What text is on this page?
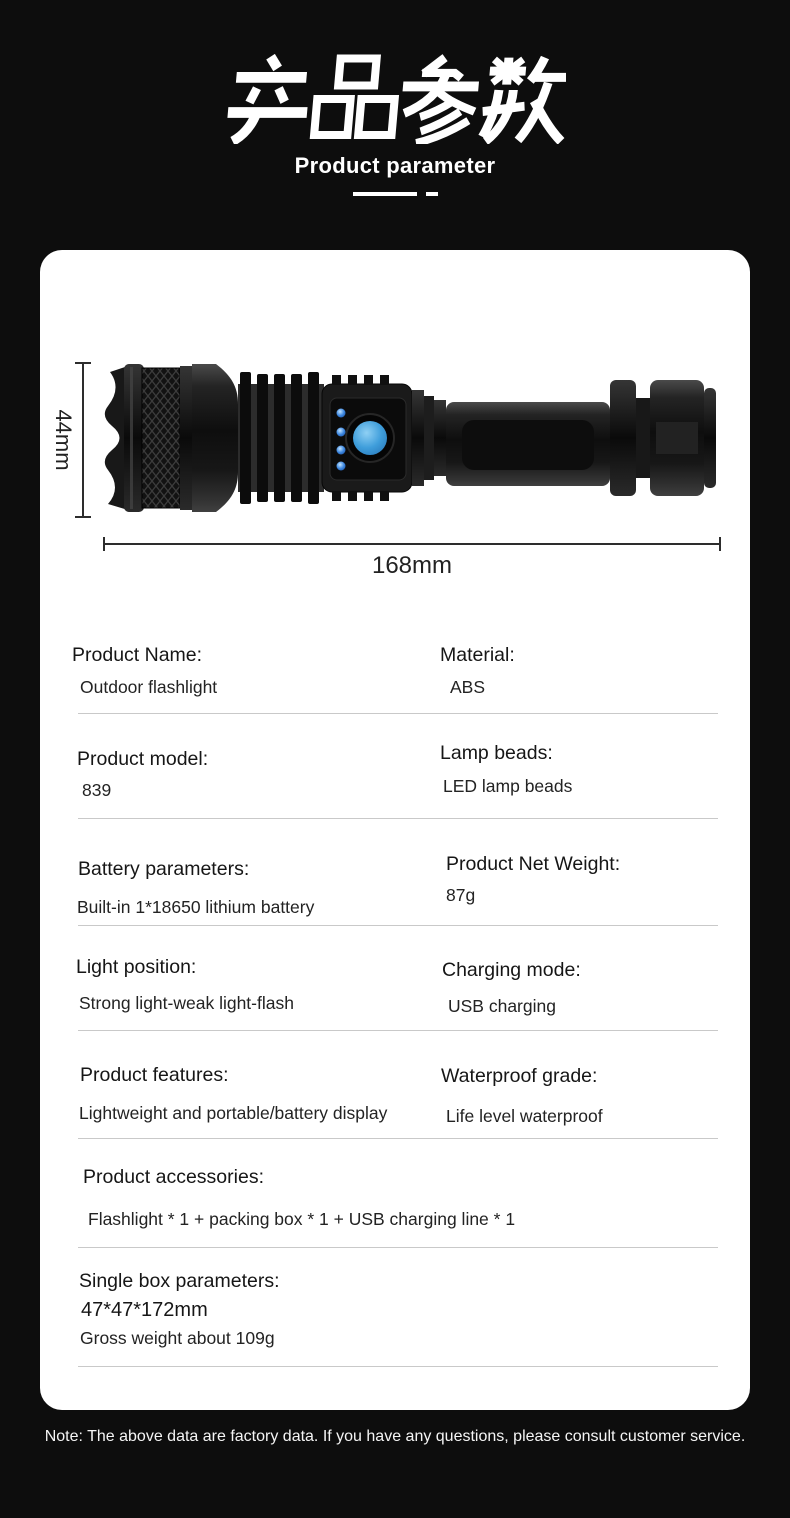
Product parameter
44mm
168mm
Product Name:
Outdoor flashlight
Material:
ABS
Product model:
839
Lamp beads:
LED lamp beads
Battery parameters:
Built-in 1*18650 lithium battery
Product Net Weight:
87g
Light position:
Strong light-weak light-flash
Charging mode:
USB charging
Product features:
Lightweight and portable/battery display
Waterproof grade:
Life level waterproof
Product accessories:
Flashlight * 1 + packing box * 1 + USB charging line * 1
Single box parameters:
47*47*172mm
Gross weight about 109g
Note: The above data are factory data. If you have any questions, please consult customer service.
